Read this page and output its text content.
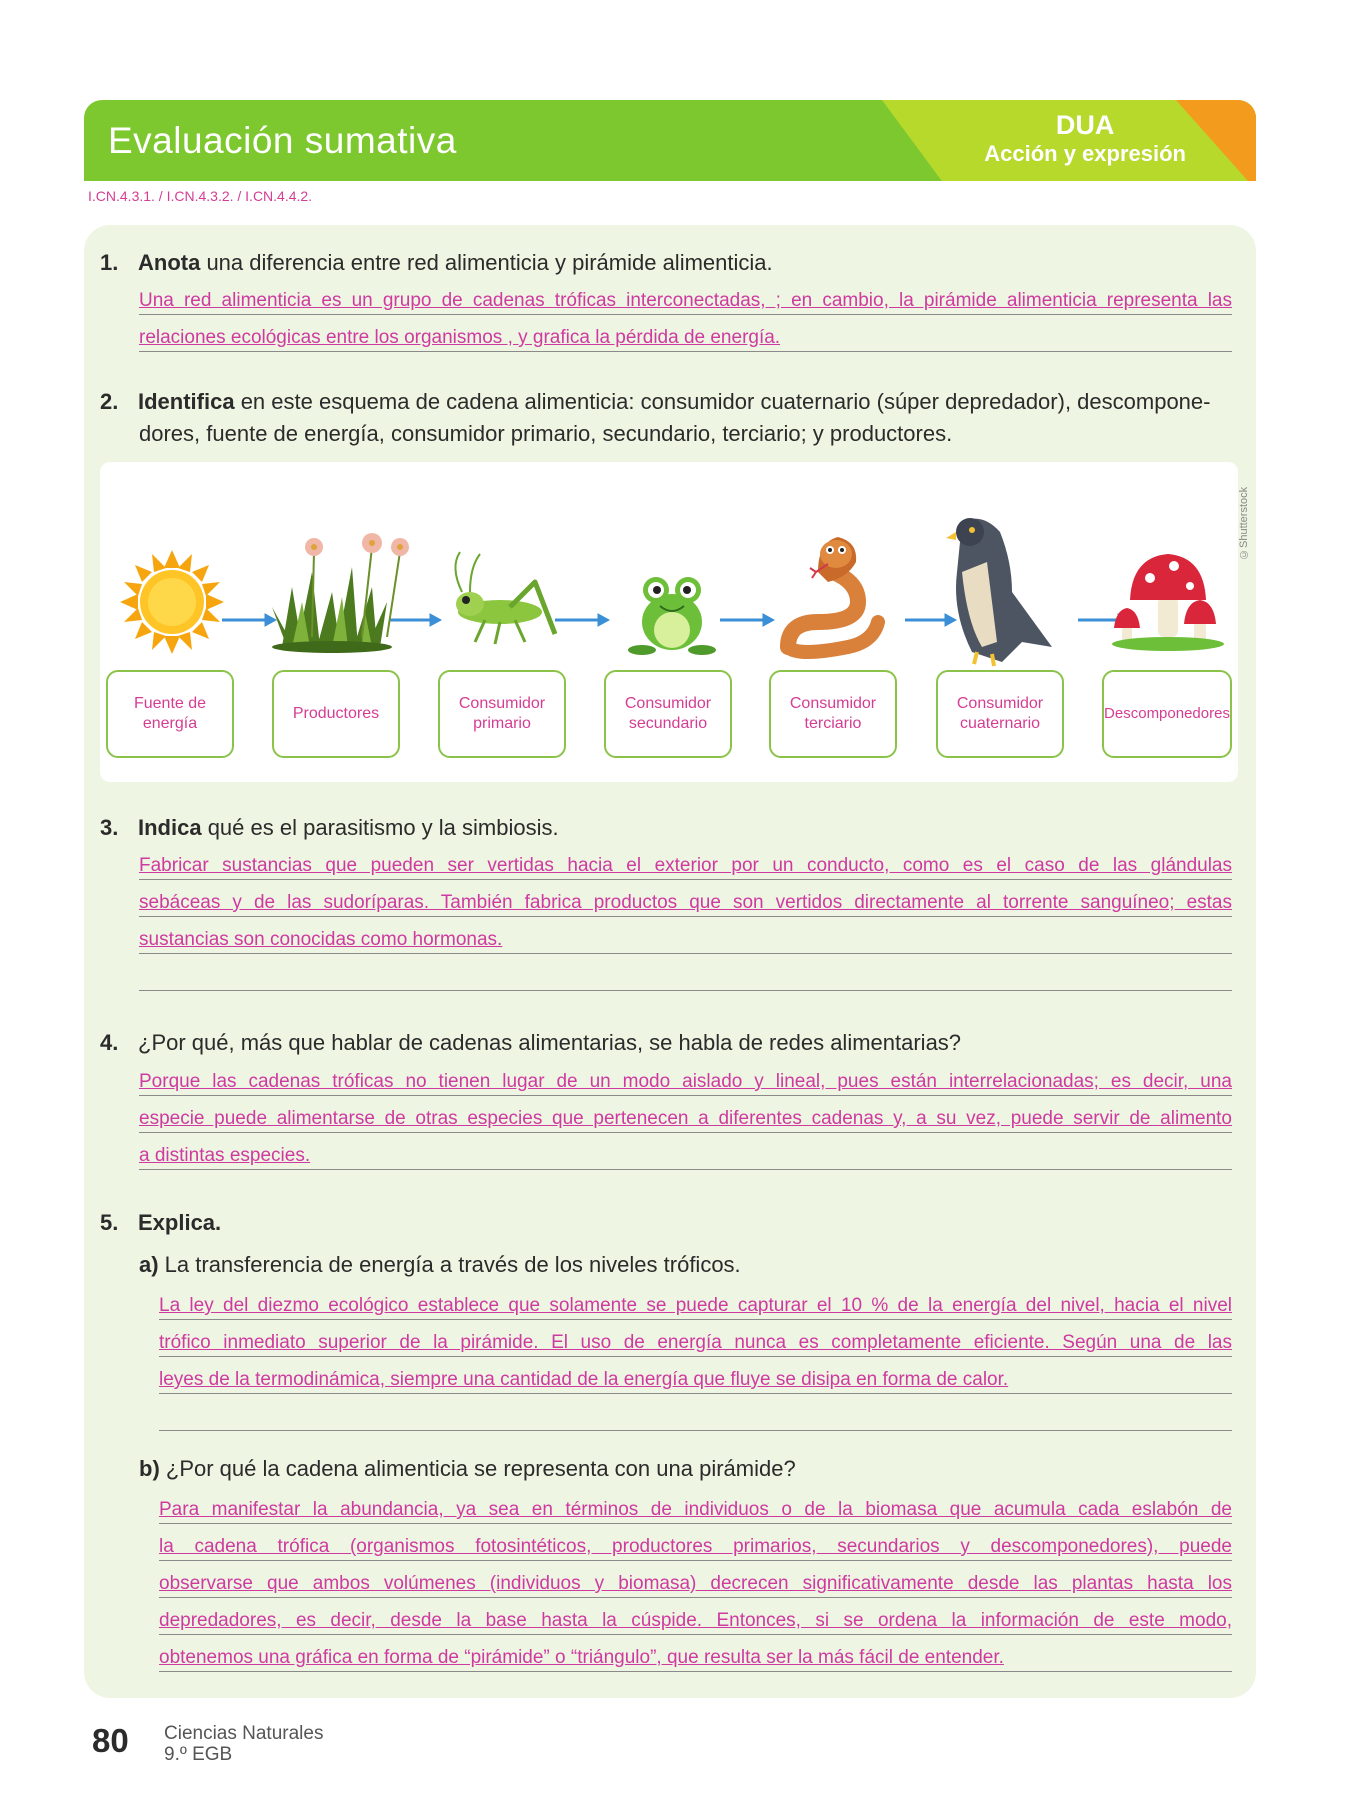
Evaluación sumativa	DUA
Acción y expresión
I.CN.4.3.1. / I.CN.4.3.2. / I.CN.4.4.2.
1. Anota una diferencia entre red alimenticia y pirámide alimenticia.
Una red alimenticia es un grupo de cadenas tróficas interconectadas, ; en cambio, la pirámide alimenticia representa las
relaciones ecológicas entre los organismos , y grafica la pérdida de energía.
2. Identifica en este esquema de cadena alimenticia: consumidor cuaternario (súper depredador), descompone-
dores, fuente de energía, consumidor primario, secundario, terciario; y productores.
©Shutterstock
Fuente de
energía
Productores
Consumidor
primario
Consumidor
secundario
Consumidor
terciario
Consumidor
cuaternario
Descomponedores
3. Indica qué es el parasitismo y la simbiosis.
Fabricar sustancias que pueden ser vertidas hacia el exterior por un conducto, como es el caso de las glándulas
sebáceas y de las sudoríparas. También fabrica productos que son vertidos directamente al torrente sanguíneo; estas
sustancias son conocidas como hormonas.
4. ¿Por qué, más que hablar de cadenas alimentarias, se habla de redes alimentarias?
Porque las cadenas tróficas no tienen lugar de un modo aislado y lineal, pues están interrelacionadas; es decir, una
especie puede alimentarse de otras especies que pertenecen a diferentes cadenas y, a su vez, puede servir de alimento
a distintas especies.
5. Explica.
a) La transferencia de energía a través de los niveles tróficos.
La ley del diezmo ecológico establece que solamente se puede capturar el 10 % de la energía del nivel, hacia el nivel
trófico inmediato superior de la pirámide. El uso de energía nunca es completamente eficiente. Según una de las
leyes de la termodinámica, siempre una cantidad de la energía que fluye se disipa en forma de calor.
b) ¿Por qué la cadena alimenticia se representa con una pirámide?
Para manifestar la abundancia, ya sea en términos de individuos o de la biomasa que acumula cada eslabón de
la cadena trófica (organismos fotosintéticos, productores primarios, secundarios y descomponedores), puede
observarse que ambos volúmenes (individuos y biomasa) decrecen significativamente desde las plantas hasta los
depredadores, es decir, desde la base hasta la cúspide. Entonces, si se ordena la información de este modo,
obtenemos una gráfica en forma de “pirámide” o “triángulo”, que resulta ser la más fácil de entender.
80 Ciencias Naturales
9.º EGB
